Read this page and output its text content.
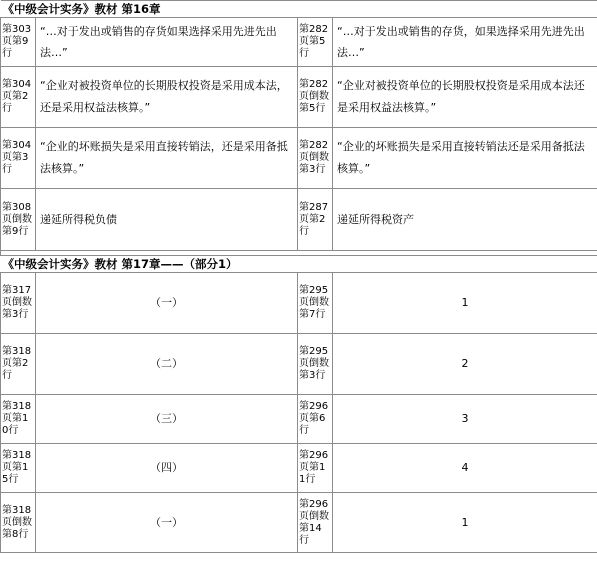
《中级会计实务》教材 第16章			
第303页第9行	“…对于发出或销售的存货如果选择采用先进先出法…”	第282页第5行	“…对于发出或销售的存货，如果选择采用先进先出法…”
第304页第2行	“企业对被投资单位的长期股权投资是采用成本法，还是采用权益法核算。”	第282页倒数第5行	“企业对被投资单位的长期股权投资是采用成本法还是采用权益法核算。”
第304页第3行	“企业的坏账损失是采用直接转销法，还是采用备抵法核算。”	第282页倒数第3行	“企业的坏账损失是采用直接转销法还是采用备抵法核算。”
第308页倒数第9行	递延所得税负债	第287页第2行	递延所得税资产

《中级会计实务》教材 第17章——（部分1）			
第317页倒数第3行	（一）	第295页倒数第7行	1
第318页第2行	（二）	第295页倒数第3行	2
第318页第10行	（三）	第296页第6行	3
第318页第15行	（四）	第296页第11行	4
第318页倒数第8行	（一）	第296页倒数第14行	1
